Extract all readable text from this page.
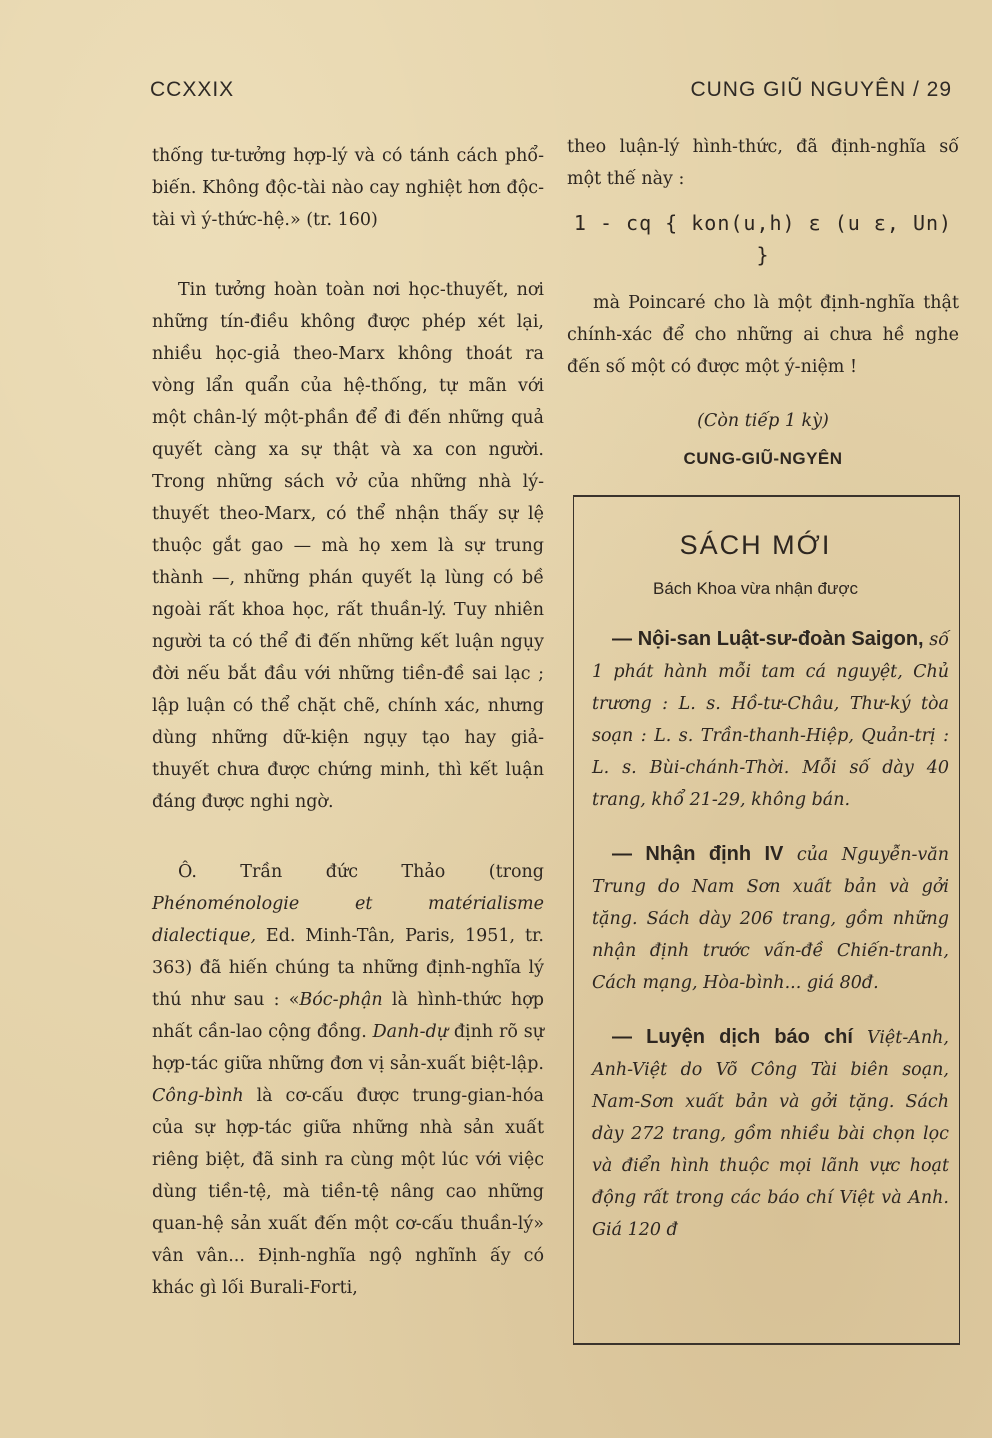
CCXXIX	CUNG GIŨ NGUYÊN / 29

thống tư-tưởng hợp-lý và có tánh cách phổ-biến. Không độc-tài nào cay nghiệt hơn độc-tài vì ý-thức-hệ.» (tr. 160)

Tin tưởng hoàn toàn nơi học-thuyết, nơi những tín-điều không được phép xét lại, nhiều học-giả theo-Marx không thoát ra vòng lẩn quẩn của hệ-thống, tự mãn với một chân-lý một-phần để đi đến những quả quyết càng xa sự thật và xa con người. Trong những sách vở của những nhà lý-thuyết theo-Marx, có thể nhận thấy sự lệ thuộc gắt gao — mà họ xem là sự trung thành —, những phán quyết lạ lùng có bề ngoài rất khoa học, rất thuần-lý. Tuy nhiên người ta có thể đi đến những kết luận ngụy đời nếu bắt đầu với những tiền-đề sai lạc ; lập luận có thể chặt chẽ, chính xác, nhưng dùng những dữ-kiện ngụy tạo hay giả-thuyết chưa được chứng minh, thì kết luận đáng được nghi ngờ.

Ô. Trần đức Thảo (trong Phénoménologie et matérialisme dialectique, Ed. Minh-Tân, Paris, 1951, tr. 363) đã hiến chúng ta những định-nghĩa lý thú như sau : «Bóc-phận là hình-thức hợp nhất cần-lao cộng đồng. Danh-dự định rõ sự hợp-tác giữa những đơn vị sản-xuất biệt-lập. Công-bình là cơ-cấu được trung-gian-hóa của sự hợp-tác giữa những nhà sản xuất riêng biệt, đã sinh ra cùng một lúc với việc dùng tiền-tệ, mà tiền-tệ nâng cao những quan-hệ sản xuất đến một cơ-cấu thuần-lý» vân vân... Định-nghĩa ngộ nghĩnh ấy có khác gì lối Burali-Forti,

theo luận-lý hình-thức, đã định-nghĩa số một thế này :

1 - cq { kon(u,h) ε (u ε, Un) }

mà Poincaré cho là một định-nghĩa thật chính-xác để cho những ai chưa hề nghe đến số một có được một ý-niệm !

(Còn tiếp 1 kỳ)
CUNG-GIŨ-NGYÊN
SÁCH MỚI
Bách Khoa vừa nhận được

— Nội-san Luật-sư-đoàn Saigon, số 1 phát hành mỗi tam cá nguyệt, Chủ trương : L. s. Hồ-tư-Châu, Thư-ký tòa soạn : L. s. Trần-thanh-Hiệp, Quản-trị : L. s. Bùi-chánh-Thời. Mỗi số dày 40 trang, khổ 21-29, không bán.

— Nhận định IV của Nguyễn-văn Trung do Nam Sơn xuất bản và gởi tặng. Sách dày 206 trang, gồm những nhận định trước vấn-đề Chiến-tranh, Cách mạng, Hòa-bình... giá 80đ.

— Luyện dịch báo chí Việt-Anh, Anh-Việt do Võ Công Tài biên soạn, Nam-Sơn xuất bản và gởi tặng. Sách dày 272 trang, gồm nhiều bài chọn lọc và điển hình thuộc mọi lãnh vực hoạt động rất trong các báo chí Việt và Anh. Giá 120 đ
